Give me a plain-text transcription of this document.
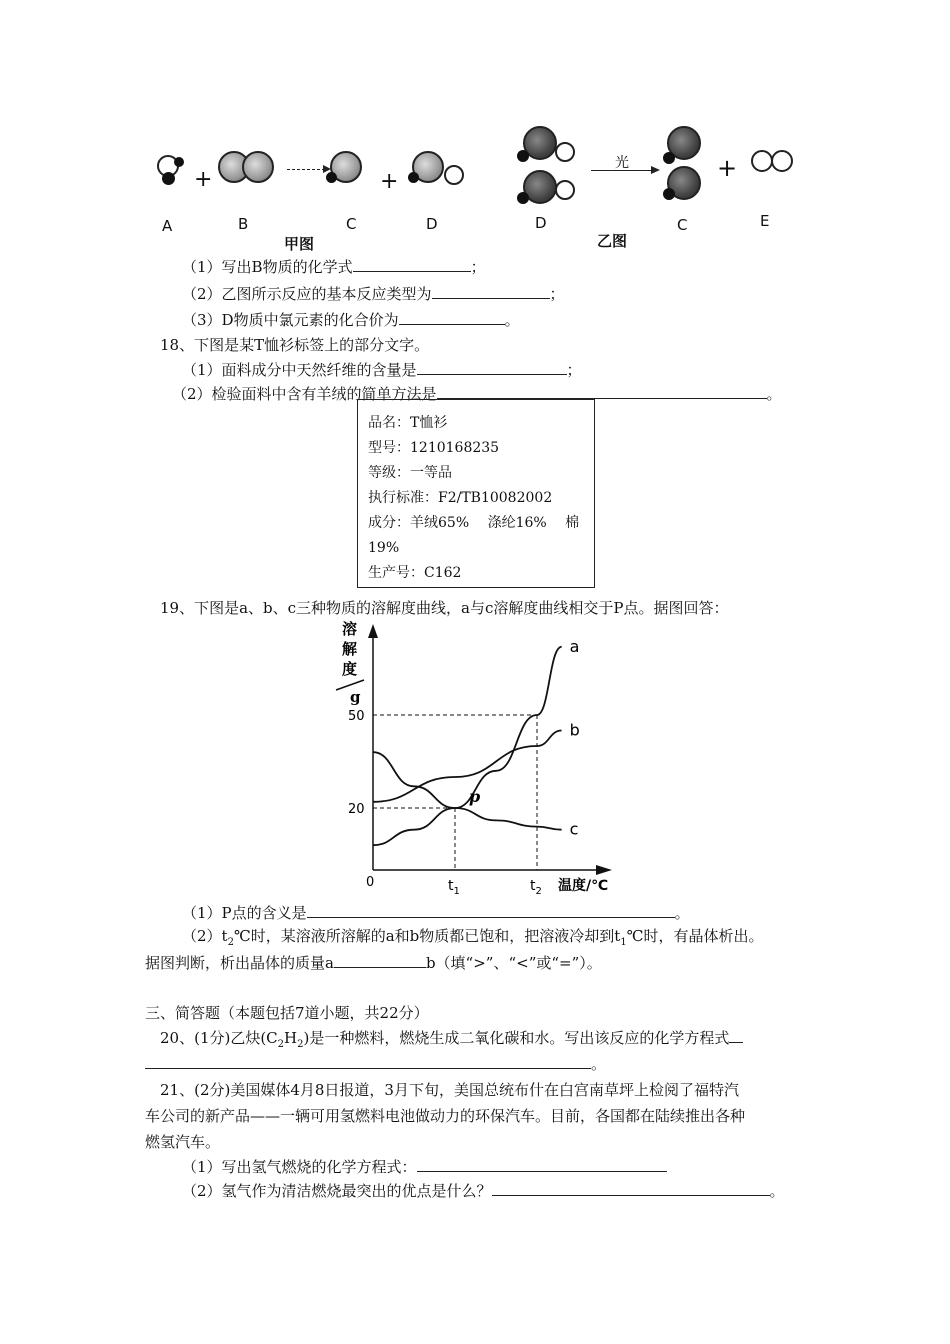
+	+
A	B	C	D
甲图
光	+
D	C	E
乙图
（1）写出B物质的化学式	；
（2）乙图所示反应的基本反应类型为	；
（3）D物质中氯元素的化合价为	。
18、下图是某T恤衫标签上的部分文字。
（1）面料成分中天然纤维的含量是	；
（2）检验面料中含有羊绒的简单方法是	。
品名：T恤衫
型号：1210168235
等级：一等品
执行标准：F2/TB10082002
成分：羊绒65%　 涤纶16%　 棉
19%
生产号：C162
19、下图是a、b、c三种物质的溶解度曲线，a与c溶解度曲线相交于P点。据图回答：
溶
解
度
g
0	温度/℃
a
b
c
50
20
$t_1$	$t_2$
p
（1）P点的含义是	。
$(2)t_2℃$时，某溶液所溶解的a和b物质都已饱和，把溶液冷却到$t_1℃$时，有晶体析出。
据图判断，析出晶体的质量a	b（填“>”、“<”或“=”）。
三、简答题（本题包括7道小题，共22分）
20、(1分)乙炔$(C_2H_2)$是一种燃料，燃烧生成二氧化碳和水。写出该反应的化学方程式
。
21、(2分)美国媒体4月8日报道，3月下旬，美国总统布什在白宫南草坪上检阅了福特汽
车公司的新产品——一辆可用氢燃料电池做动力的环保汽车。目前，各国都在陆续推出各种
燃氢汽车。
（1）写出氢气燃烧的化学方程式：
（2）氢气作为清洁燃烧最突出的优点是什么？	。
